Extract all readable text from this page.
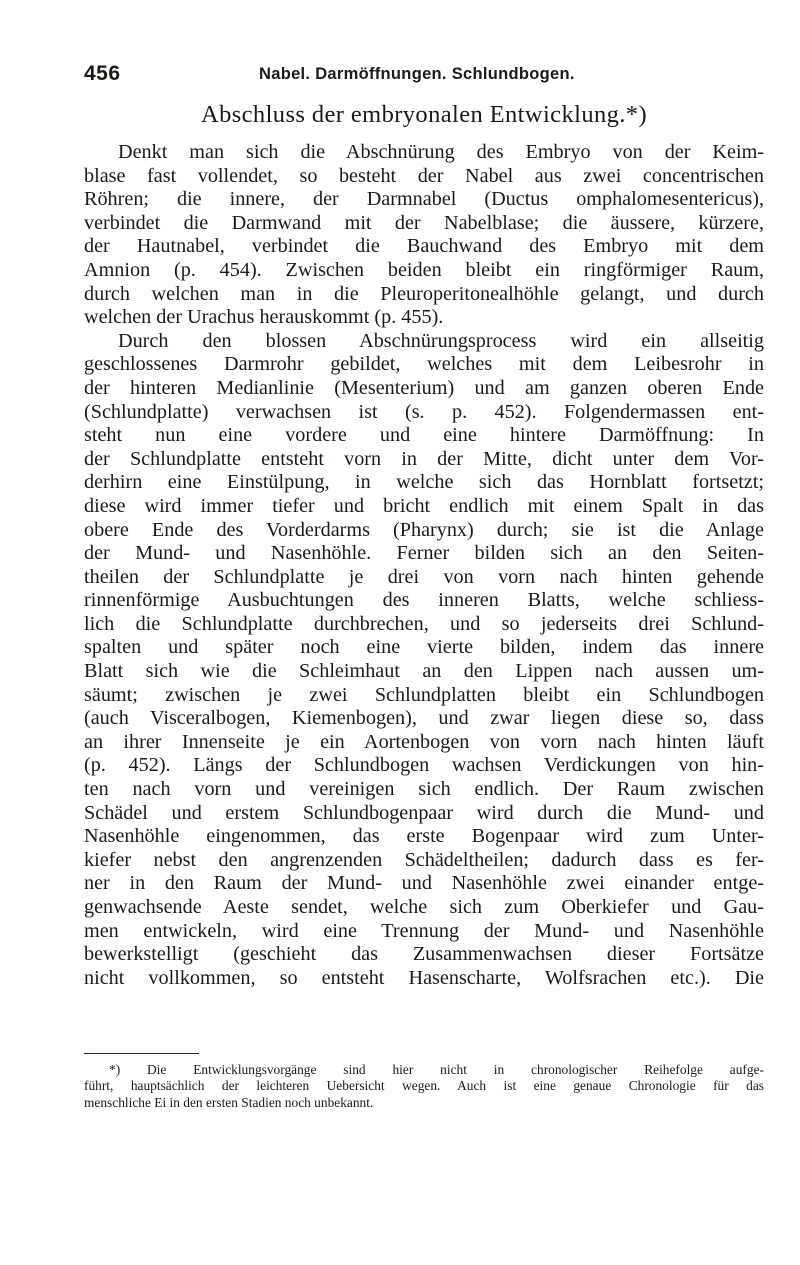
456	Nabel. Darmöffnungen. Schlundbogen.
Abschluss der embryonalen Entwicklung.*)
Denkt man sich die Abschnürung des Embryo von der Keim-
blase fast vollendet, so besteht der Nabel aus zwei concentrischen
Röhren; die innere, der Darmnabel (Ductus omphalomesentericus),
verbindet die Darmwand mit der Nabelblase; die äussere, kürzere,
der Hautnabel, verbindet die Bauchwand des Embryo mit dem
Amnion (p. 454). Zwischen beiden bleibt ein ringförmiger Raum,
durch welchen man in die Pleuroperitonealhöhle gelangt, und durch
welchen der Urachus herauskommt (p. 455).
Durch den blossen Abschnürungsprocess wird ein allseitig
geschlossenes Darmrohr gebildet, welches mit dem Leibesrohr in
der hinteren Medianlinie (Mesenterium) und am ganzen oberen Ende
(Schlundplatte) verwachsen ist (s. p. 452). Folgendermassen ent-
steht nun eine vordere und eine hintere Darmöffnung: In
der Schlundplatte entsteht vorn in der Mitte, dicht unter dem Vor-
derhirn eine Einstülpung, in welche sich das Hornblatt fortsetzt;
diese wird immer tiefer und bricht endlich mit einem Spalt in das
obere Ende des Vorderdarms (Pharynx) durch; sie ist die Anlage
der Mund- und Nasenhöhle. Ferner bilden sich an den Seiten-
theilen der Schlundplatte je drei von vorn nach hinten gehende
rinnenförmige Ausbuchtungen des inneren Blatts, welche schliess-
lich die Schlundplatte durchbrechen, und so jederseits drei Schlund-
spalten und später noch eine vierte bilden, indem das innere
Blatt sich wie die Schleimhaut an den Lippen nach aussen um-
säumt; zwischen je zwei Schlundplatten bleibt ein Schlundbogen
(auch Visceralbogen, Kiemenbogen), und zwar liegen diese so, dass
an ihrer Innenseite je ein Aortenbogen von vorn nach hinten läuft
(p. 452). Längs der Schlundbogen wachsen Verdickungen von hin-
ten nach vorn und vereinigen sich endlich. Der Raum zwischen
Schädel und erstem Schlundbogenpaar wird durch die Mund- und
Nasenhöhle eingenommen, das erste Bogenpaar wird zum Unter-
kiefer nebst den angrenzenden Schädeltheilen; dadurch dass es fer-
ner in den Raum der Mund- und Nasenhöhle zwei einander entge-
genwachsende Aeste sendet, welche sich zum Oberkiefer und Gau-
men entwickeln, wird eine Trennung der Mund- und Nasenhöhle
bewerkstelligt (geschieht das Zusammenwachsen dieser Fortsätze
nicht vollkommen, so entsteht Hasenscharte, Wolfsrachen etc.). Die
*) Die Entwicklungsvorgänge sind hier nicht in chronologischer Reihefolge aufge-
führt, hauptsächlich der leichteren Uebersicht wegen. Auch ist eine genaue Chronologie für das
menschliche Ei in den ersten Stadien noch unbekannt.
